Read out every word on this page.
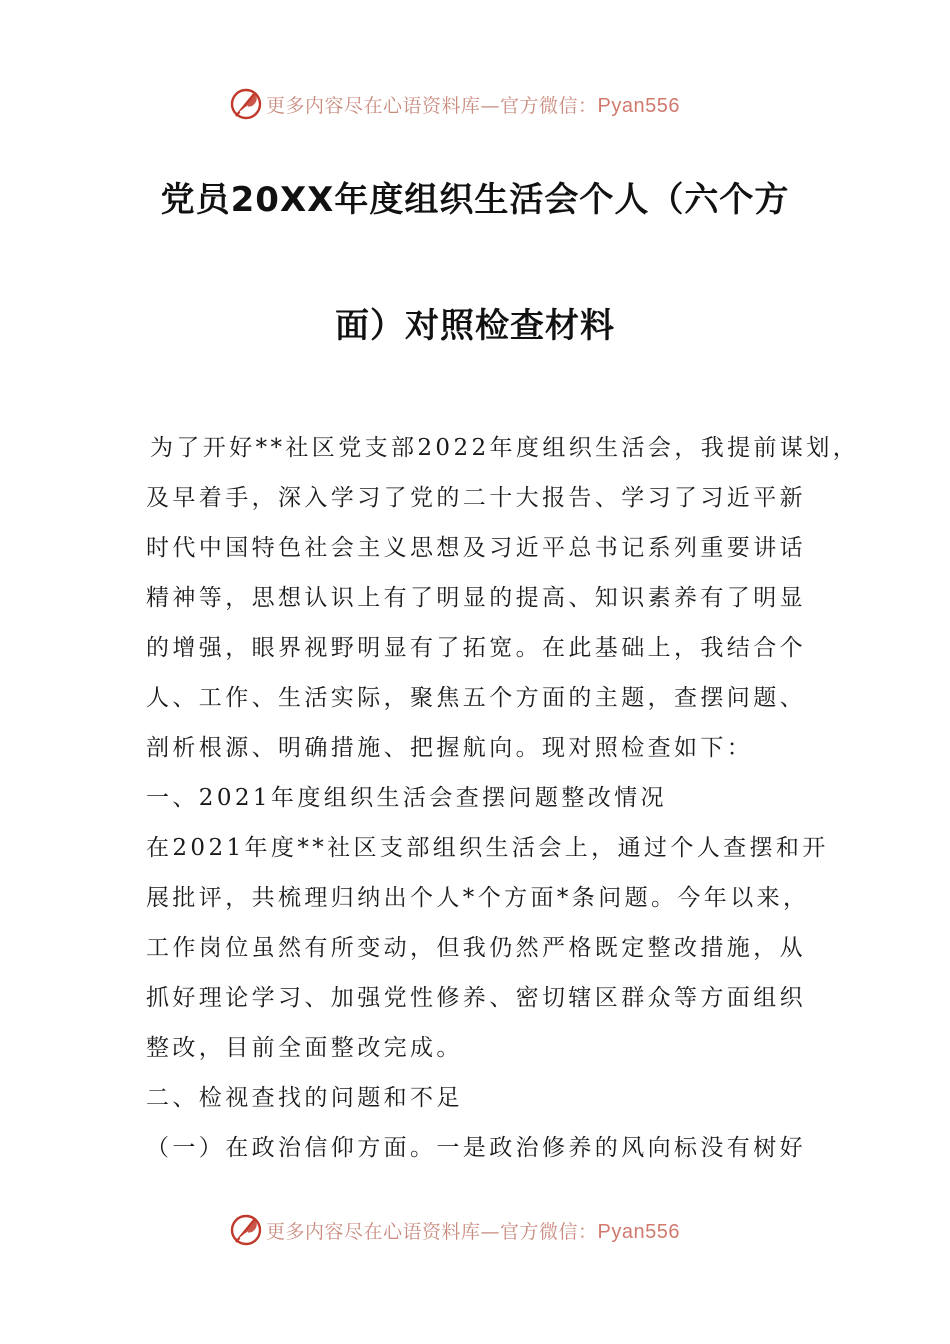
更多内容尽在心语资料库—官方微信：Pyan556
党员20XX年度组织生活会个人（六个方
面）对照检查材料
为了开好**社区党支部2022年度组织生活会，我提前谋划，
及早着手，深入学习了党的二十大报告、学习了习近平新
时代中国特色社会主义思想及习近平总书记系列重要讲话
精神等，思想认识上有了明显的提高、知识素养有了明显
的增强，眼界视野明显有了拓宽。在此基础上，我结合个
人、工作、生活实际，聚焦五个方面的主题，查摆问题、
剖析根源、明确措施、把握航向。现对照检查如下：
一、2021年度组织生活会查摆问题整改情况
在2021年度**社区支部组织生活会上，通过个人查摆和开
展批评，共梳理归纳出个人*个方面*条问题。今年以来，
工作岗位虽然有所变动，但我仍然严格既定整改措施，从
抓好理论学习、加强党性修养、密切辖区群众等方面组织
整改，目前全面整改完成。
二、检视查找的问题和不足
（一）在政治信仰方面。一是政治修养的风向标没有树好
更多内容尽在心语资料库—官方微信：Pyan556
